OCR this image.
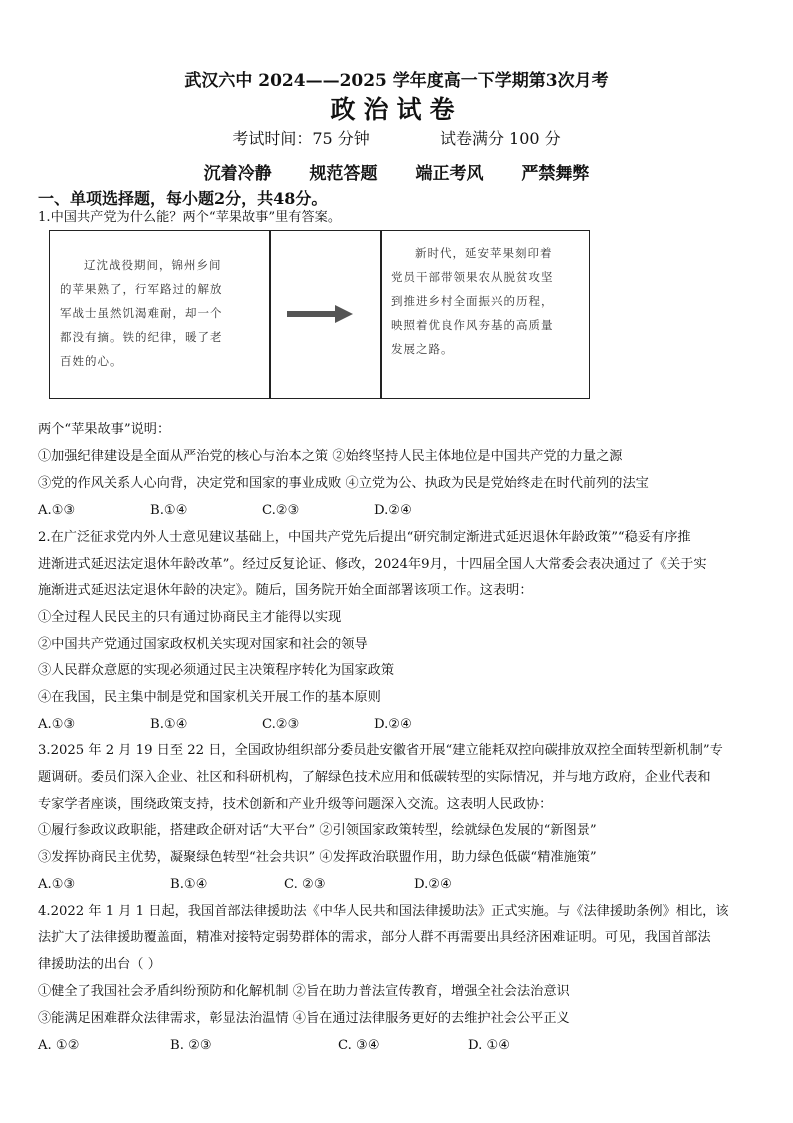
武汉六中 2024——2025 学年度高一下学期第3次月考
政治试卷
考试时间：75 分钟	试卷满分 100 分
沉着冷静 规范答题 端正考风 严禁舞弊
一、单项选择题，每小题2分，共48分。
1.中国共产党为什么能？两个“苹果故事”里有答案。
辽沈战役期间，锦州乡间
的苹果熟了，行军路过的解放
军战士虽然饥渴难耐，却一个
都没有摘。铁的纪律，暖了老
百姓的心。
新时代，延安苹果刻印着
党员干部带领果农从脱贫攻坚
到推进乡村全面振兴的历程，
映照着优良作风夯基的高质量
发展之路。
两个“苹果故事”说明：
①加强纪律建设是全面从严治党的核心与治本之策 ②始终坚持人民主体地位是中国共产党的力量之源
③党的作风关系人心向背，决定党和国家的事业成败 ④立党为公、执政为民是党始终走在时代前列的法宝
A.①③	B.①④	C.②③	D.②④
2.在广泛征求党内外人士意见建议基础上，中国共产党先后提出“研究制定渐进式延迟退休年龄政策”“稳妥有序推
进渐进式延迟法定退休年龄改革”。经过反复论证、修改，2024年9月，十四届全国人大常委会表决通过了《关于实
施渐进式延迟法定退休年龄的决定》。随后，国务院开始全面部署该项工作。这表明：
①全过程人民民主的只有通过协商民主才能得以实现
②中国共产党通过国家政权机关实现对国家和社会的领导
③人民群众意愿的实现必须通过民主决策程序转化为国家政策
④在我国，民主集中制是党和国家机关开展工作的基本原则
A.①③	B.①④	C.②③	D.②④
3.2025 年 2 月 19 日至 22 日，全国政协组织部分委员赴安徽省开展“建立能耗双控向碳排放双控全面转型新机制”专
题调研。委员们深入企业、社区和科研机构，了解绿色技术应用和低碳转型的实际情况，并与地方政府，企业代表和
专家学者座谈，围绕政策支持，技术创新和产业升级等问题深入交流。这表明人民政协：
①履行参政议政职能，搭建政企研对话“大平台” ②引领国家政策转型，绘就绿色发展的“新图景”
③发挥协商民主优势，凝聚绿色转型“社会共识” ④发挥政治联盟作用，助力绿色低碳“精准施策”
A.①③	B.①④	C. ②③	D.②④
4.2022 年 1 月 1 日起，我国首部法律援助法《中华人民共和国法律援助法》正式实施。与《法律援助条例》相比，该
法扩大了法律援助覆盖面，精准对接特定弱势群体的需求，部分人群不再需要出具经济困难证明。可见，我国首部法
律援助法的出台（ ）
①健全了我国社会矛盾纠纷预防和化解机制 ②旨在助力普法宣传教育，增强全社会法治意识
③能满足困难群众法律需求，彰显法治温情 ④旨在通过法律服务更好的去维护社会公平正义
A. ①②	B. ②③	C. ③④	D. ①④
